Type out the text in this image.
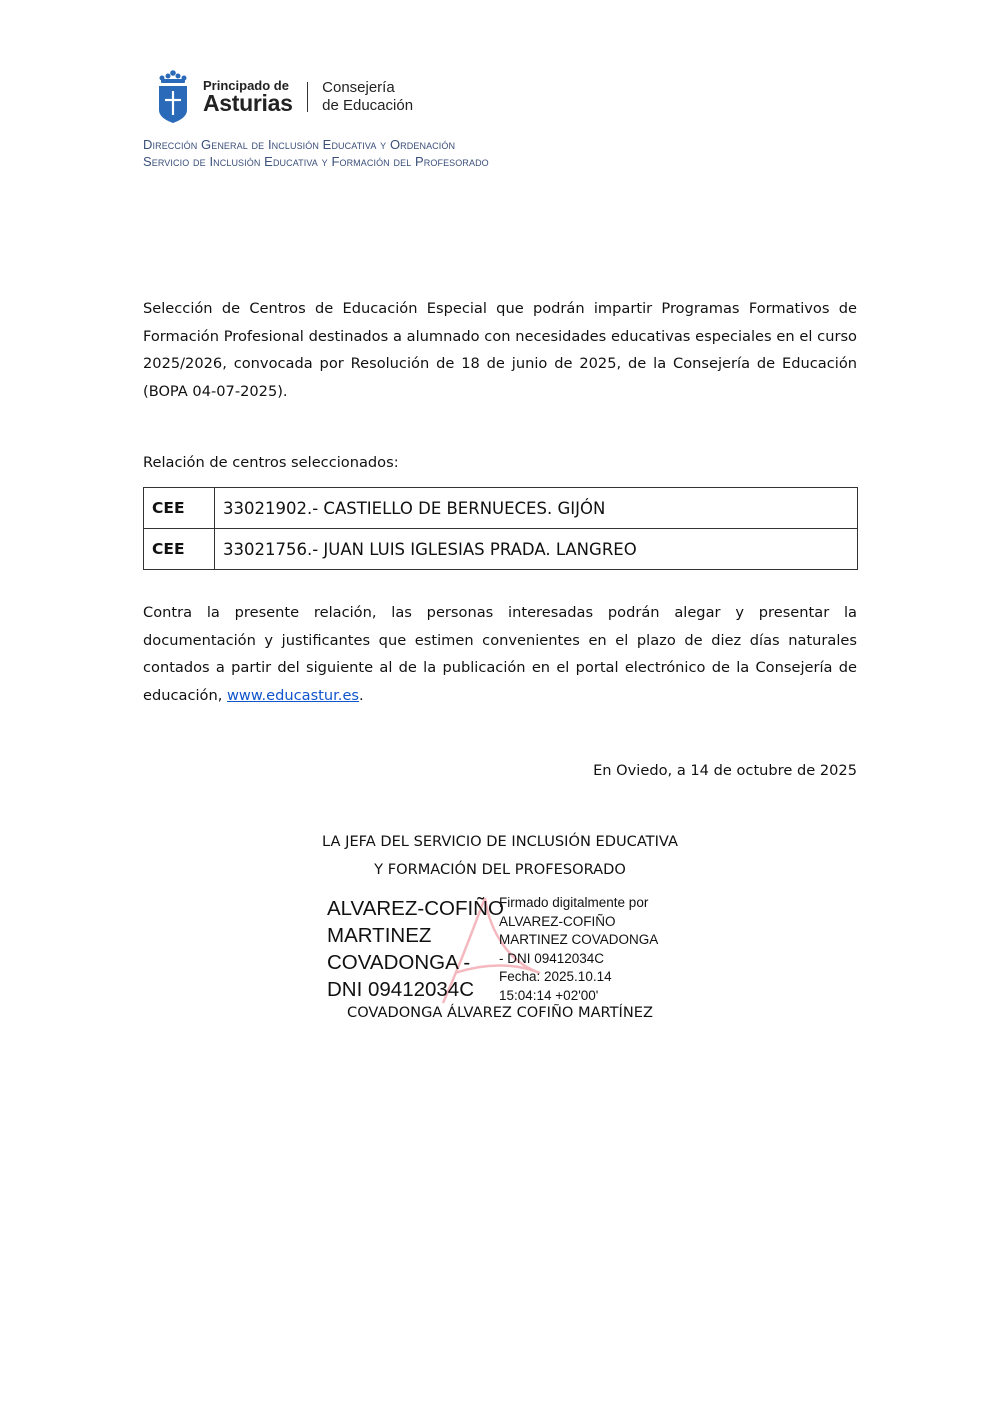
Principado de
Asturias
Consejería
de Educación
Dirección General de Inclusión Educativa y Ordenación
Servicio de Inclusión Educativa y Formación del Profesorado
Selección de Centros de Educación Especial que podrán impartir Programas Formativos de Formación Profesional destinados a alumnado con necesidades educativas especiales en el curso 2025/2026, convocada por Resolución de 18 de junio de 2025, de la Consejería de Educación (BOPA 04-07-2025).
Relación de centros seleccionados:
CEE	33021902.- CASTIELLO DE BERNUECES. GIJÓN
CEE	33021756.- JUAN LUIS IGLESIAS PRADA. LANGREO
Contra la presente relación, las personas interesadas podrán alegar y presentar la documentación y justificantes que estimen convenientes en el plazo de diez días naturales contados a partir del siguiente al de la publicación en el portal electrónico de la Consejería de educación, www.educastur.es.
En Oviedo, a 14 de octubre de 2025
LA JEFA DEL SERVICIO DE INCLUSIÓN EDUCATIVA
Y FORMACIÓN DEL PROFESORADO
ALVAREZ-COFIÑO
MARTINEZ
COVADONGA -
DNI 09412034C
Firmado digitalmente por
ALVAREZ-COFIÑO
MARTINEZ COVADONGA
- DNI 09412034C
Fecha: 2025.10.14
15:04:14 +02'00'
COVADONGA ÁLVAREZ COFIÑO MARTÍNEZ
